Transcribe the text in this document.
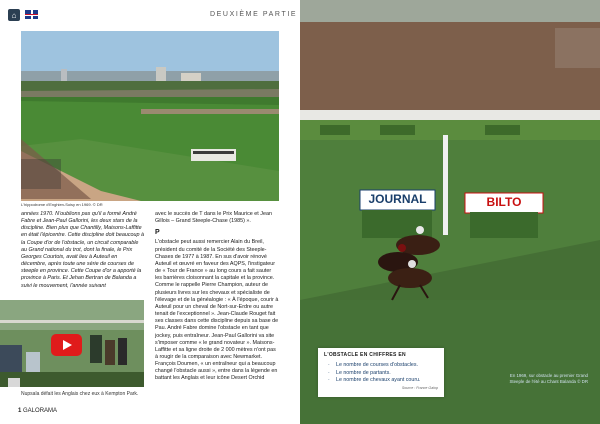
⌂	DEUXIÈME PARTIE
L'hippodrome d'Enghien-Soisy en 1969. © DR

années 1970. N'oublions pas qu'il a formé André Fabre et Jean-Paul Gallorini, les deux stars de la discipline. Bien plus que Chantilly, Maisons-Laffitte en était l'épicentre. Cette discipline doit beaucoup à la Coupe d'or de l'obstacle, un circuit comparable au Grand national du trot, dont la finale, le Prix Georges Courtois, avait lieu à Auteuil en décembre, après toute une série de courses de steeple en province. Cette Coupe d'or a apporté la province à Paris. Et Jehan Bertran de Balanda a suivi le mouvement, l'année suivant

avec le succès de T dans le Prix Maurice et Jean Gillois – Grand Steeple-Chase (1985) ».

P

L'obstacle peut aussi remercier Alain du Breil, président du comité de la Société des Steeple-Chases de 1977 à 1987. En sus d'avoir rénové Auteuil et œuvré en faveur des AQPS, l'instigateur de « Tour de France » au long cours a fait sauter les barrières cloisonnant la capitale et la province. Comme le rappelle Pierre Champion, auteur de plusieurs livres sur les chevaux et spécialiste de l'élevage et de la généalogie : « À l'époque, courir à Auteuil pour un cheval de Nort-sur-Erdre ou autre tenait de l'exceptionnel ». Jean-Claude Rouget fait ses classes dans cette discipline depuis sa base de Pau. André Fabre domine l'obstacle en tant que jockey, puis entraîneur. Jean-Paul Gallorini va site s'imposer comme « le grand novateur ». Maisons-Laffitte et sa ligne droite de 2 000 mètres n'ont pas à rougir de la comparaison avec Newmarket. François Doumen, « un entraîneur qui a beaucoup changé l'obstacle aussi », entre dans la légende en battant les Anglais et leur icône Desert Orchid

Nupsala défait les Anglais chez eux à Kempton Park.
1 GALORAMA
JOURNAL	BILTO
L'OBSTACLE EN CHIFFRES EN
· Le nombre de courses d'obstacles.
· Le nombre de partants.
· Le nombre de chevaux ayant couru.
Source : France Galop
En 1969, sur obstacle au premier Grand Steeple de l'été au Chant Balanda © DR
